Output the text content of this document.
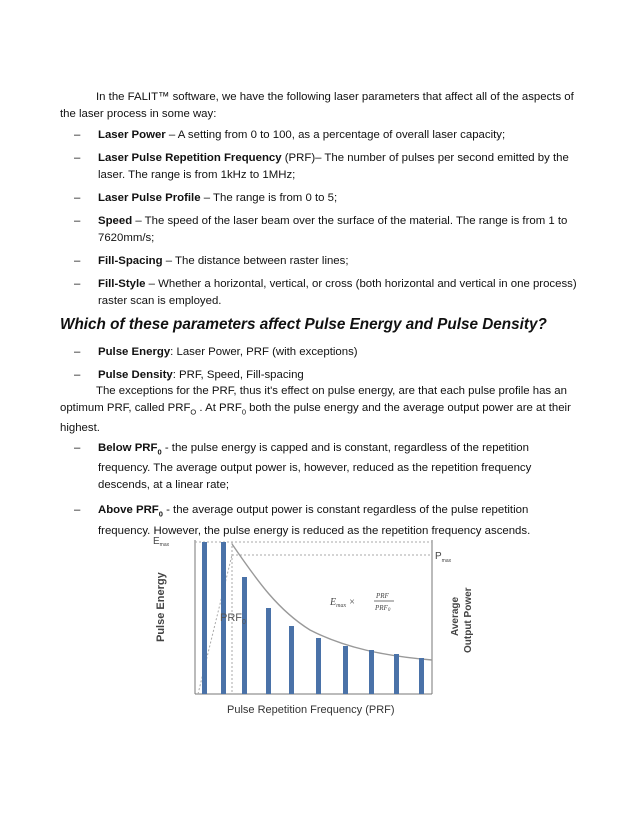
In the FALIT™ software, we have the following laser parameters that affect all of the aspects of the laser process in some way:

– Laser Power – A setting from 0 to 100, as a percentage of overall laser capacity;
– Laser Pulse Repetition Frequency (PRF)– The number of pulses per second emitted by the laser. The range is from 1kHz to 1MHz;
– Laser Pulse Profile – The range is from 0 to 5;
– Speed – The speed of the laser beam over the surface of the material. The range is from 1 to 7620mm/s;
– Fill-Spacing – The distance between raster lines;
– Fill-Style – Whether a horizontal, vertical, or cross (both horizontal and vertical in one process) raster scan is employed.
Which of these parameters affect Pulse Energy and Pulse Density?
– Pulse Energy: Laser Power, PRF (with exceptions)
– Pulse Density: PRF, Speed, Fill-spacing

The exceptions for the PRF, thus it's effect on pulse energy, are that each pulse profile has an optimum PRF, called $PRF_O$ . At $PRF_0$ both the pulse energy and the average output power are at their highest.

– Below $PRF_0$ - the pulse energy is capped and is constant, regardless of the repetition frequency. The average output power is, however, reduced as the repetition frequency descends, at a linear rate;
– Above $PRF_0$ - the average output power is constant regardless of the pulse repetition frequency. However, the pulse energy is reduced as the repetition frequency ascends.
$E_{max}$
$P_{max}$
$PRF_0$
Pulse Energy	Average Output Power
Pulse Repetition Frequency (PRF)
$E_{max}$ ×
PRF
PRF0
